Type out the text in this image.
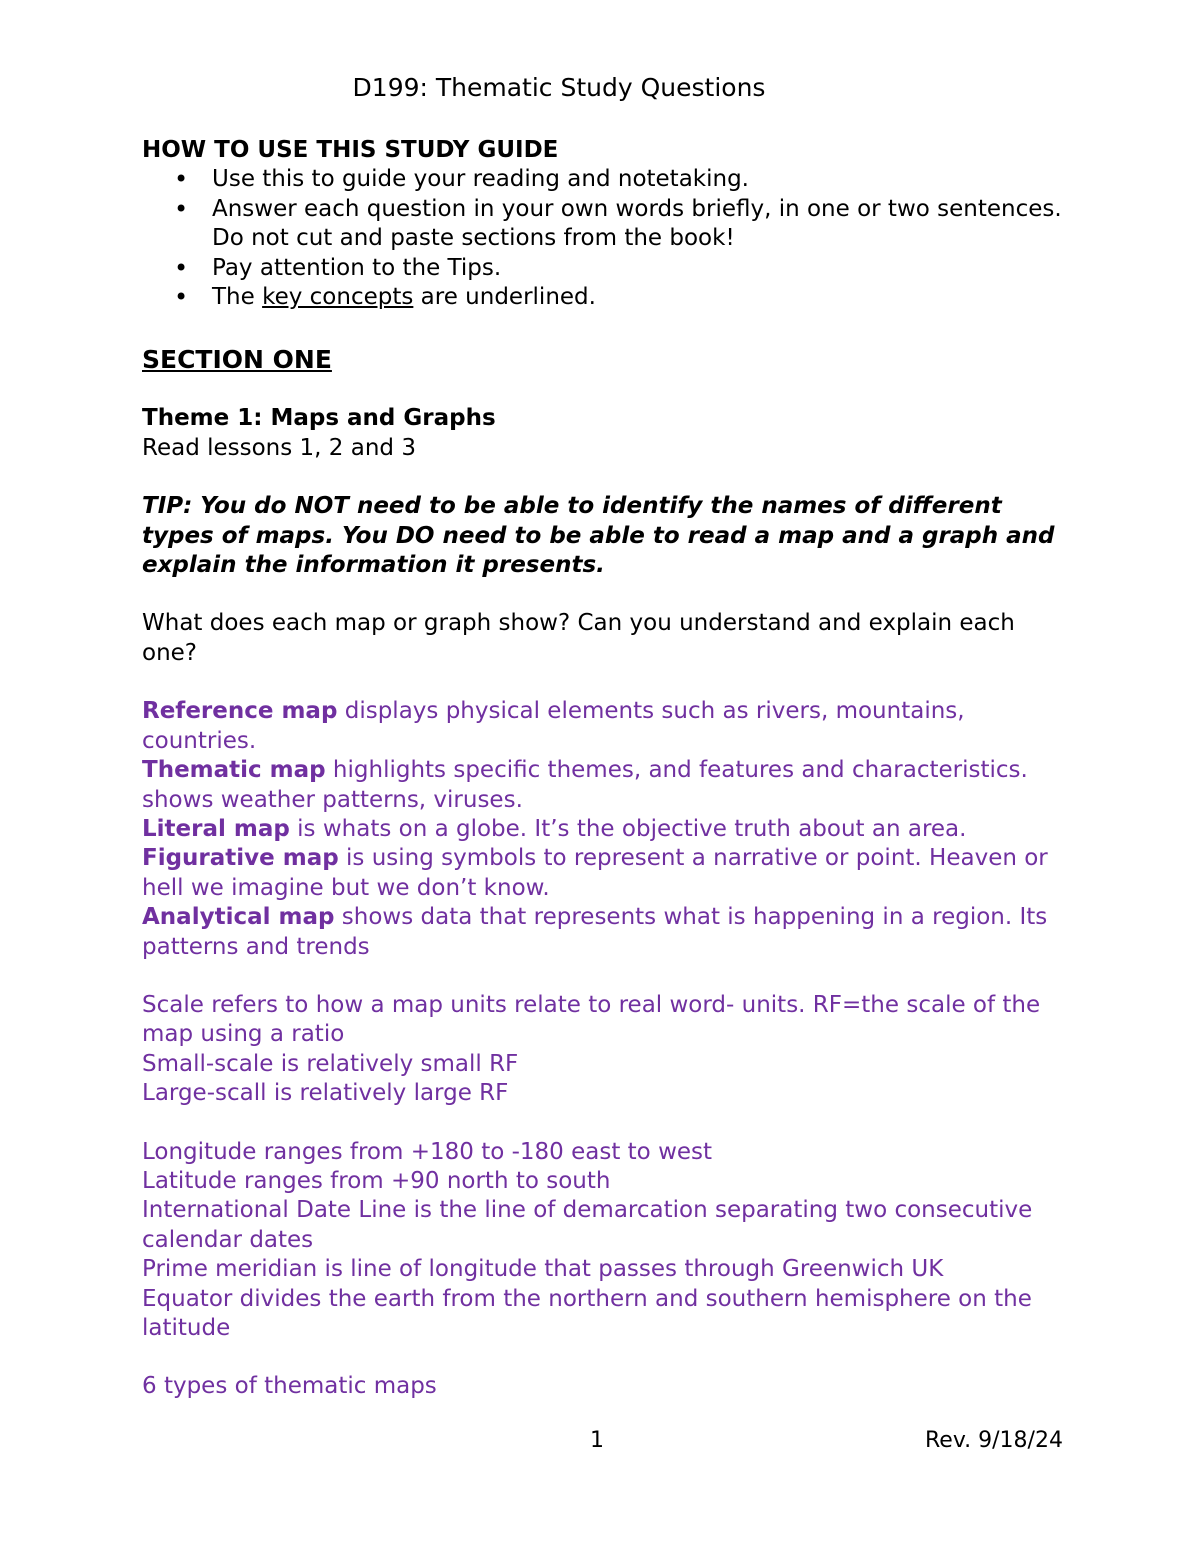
D199: Thematic Study Questions

HOW TO USE THIS STUDY GUIDE

• Use this to guide your reading and notetaking.
• Answer each question in your own words briefly, in one or two sentences. Do not cut and paste sections from the book!
• Pay attention to the Tips.
• The key concepts are underlined.

SECTION ONE

Theme 1: Maps and Graphs

Read lessons 1, 2 and 3

TIP: You do NOT need to be able to identify the names of different types of maps. You DO need to be able to read a map and a graph and explain the information it presents.

What does each map or graph show? Can you understand and explain each one?

Reference map displays physical elements such as rivers, mountains, countries.

Thematic map highlights specific themes, and features and characteristics. shows weather patterns, viruses.

Literal map is whats on a globe. It’s the objective truth about an area.

Figurative map is using symbols to represent a narrative or point. Heaven or hell we imagine but we don’t know.

Analytical map shows data that represents what is happening in a region. Its patterns and trends

Scale refers to how a map units relate to real word- units. RF=the scale of the map using a ratio

Small-scale is relatively small RF

Large-scall is relatively large RF

Longitude ranges from +180 to -180 east to west

Latitude ranges from +90 north to south

International Date Line is the line of demarcation separating two consecutive calendar dates

Prime meridian is line of longitude that passes through Greenwich UK

Equator divides the earth from the northern and southern hemisphere on the latitude

6 types of thematic maps

1	Rev. 9/18/24
